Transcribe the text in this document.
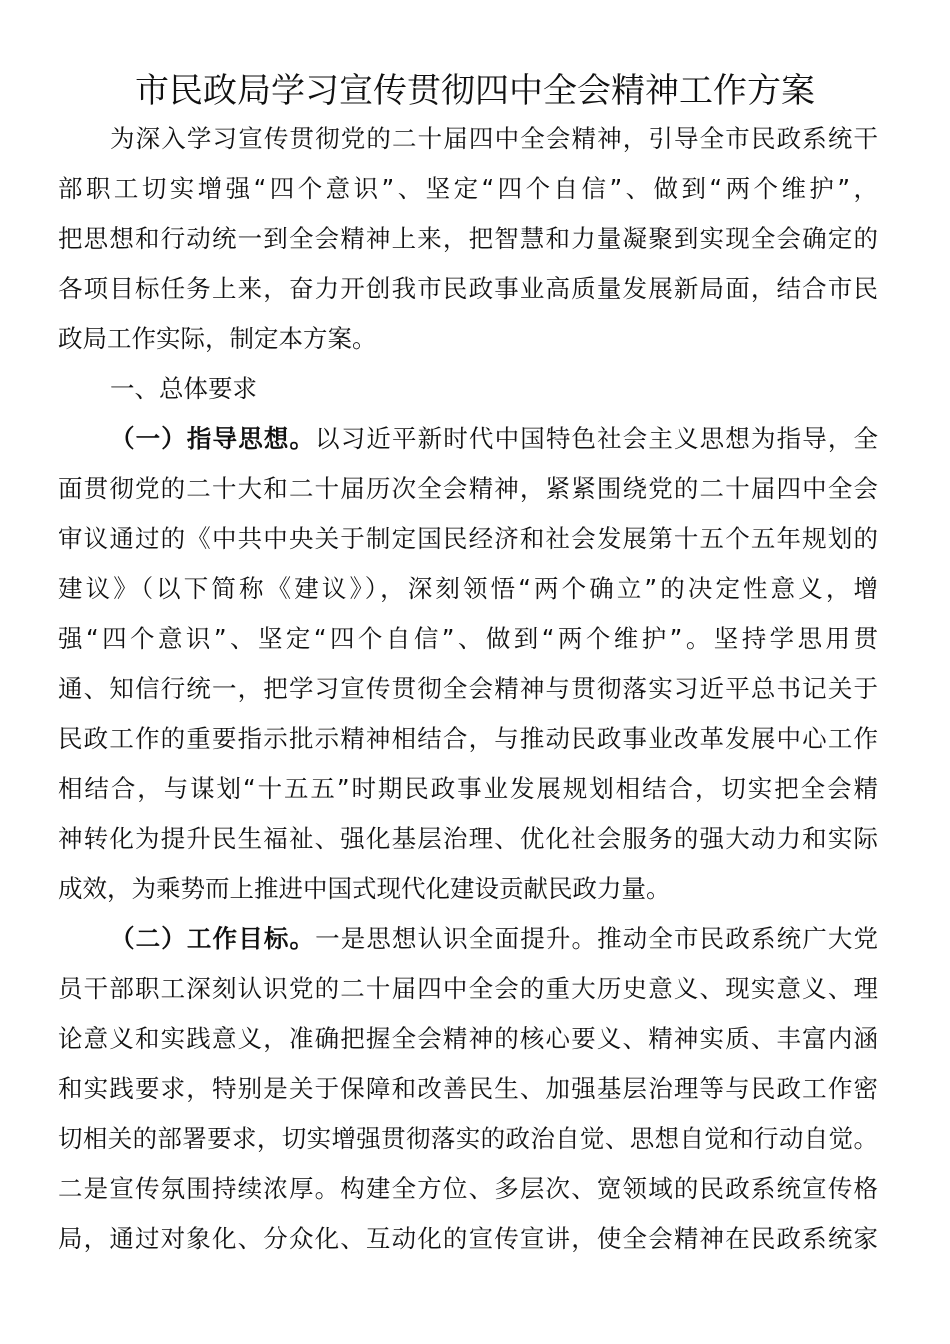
市民政局学习宣传贯彻四中全会精神工作方案
为深入学习宣传贯彻党的二十届四中全会精神，引导全市民政系统干
部职工切实增强“四个意识”、坚定“四个自信”、做到“两个维护”，
把思想和行动统一到全会精神上来，把智慧和力量凝聚到实现全会确定的
各项目标任务上来，奋力开创我市民政事业高质量发展新局面，结合市民
政局工作实际，制定本方案。
一、总体要求
（一）指导思想。以习近平新时代中国特色社会主义思想为指导，全
面贯彻党的二十大和二十届历次全会精神，紧紧围绕党的二十届四中全会
审议通过的《中共中央关于制定国民经济和社会发展第十五个五年规划的
建议》（以下简称《建议》），深刻领悟“两个确立”的决定性意义，增
强“四个意识”、坚定“四个自信”、做到“两个维护”。坚持学思用贯
通、知信行统一，把学习宣传贯彻全会精神与贯彻落实习近平总书记关于
民政工作的重要指示批示精神相结合，与推动民政事业改革发展中心工作
相结合，与谋划“十五五”时期民政事业发展规划相结合，切实把全会精
神转化为提升民生福祉、强化基层治理、优化社会服务的强大动力和实际
成效，为乘势而上推进中国式现代化建设贡献民政力量。
（二）工作目标。一是思想认识全面提升。推动全市民政系统广大党
员干部职工深刻认识党的二十届四中全会的重大历史意义、现实意义、理
论意义和实践意义，准确把握全会精神的核心要义、精神实质、丰富内涵
和实践要求，特别是关于保障和改善民生、加强基层治理等与民政工作密
切相关的部署要求，切实增强贯彻落实的政治自觉、思想自觉和行动自觉。
二是宣传氛围持续浓厚。构建全方位、多层次、宽领域的民政系统宣传格
局，通过对象化、分众化、互动化的宣传宣讲，使全会精神在民政系统家
